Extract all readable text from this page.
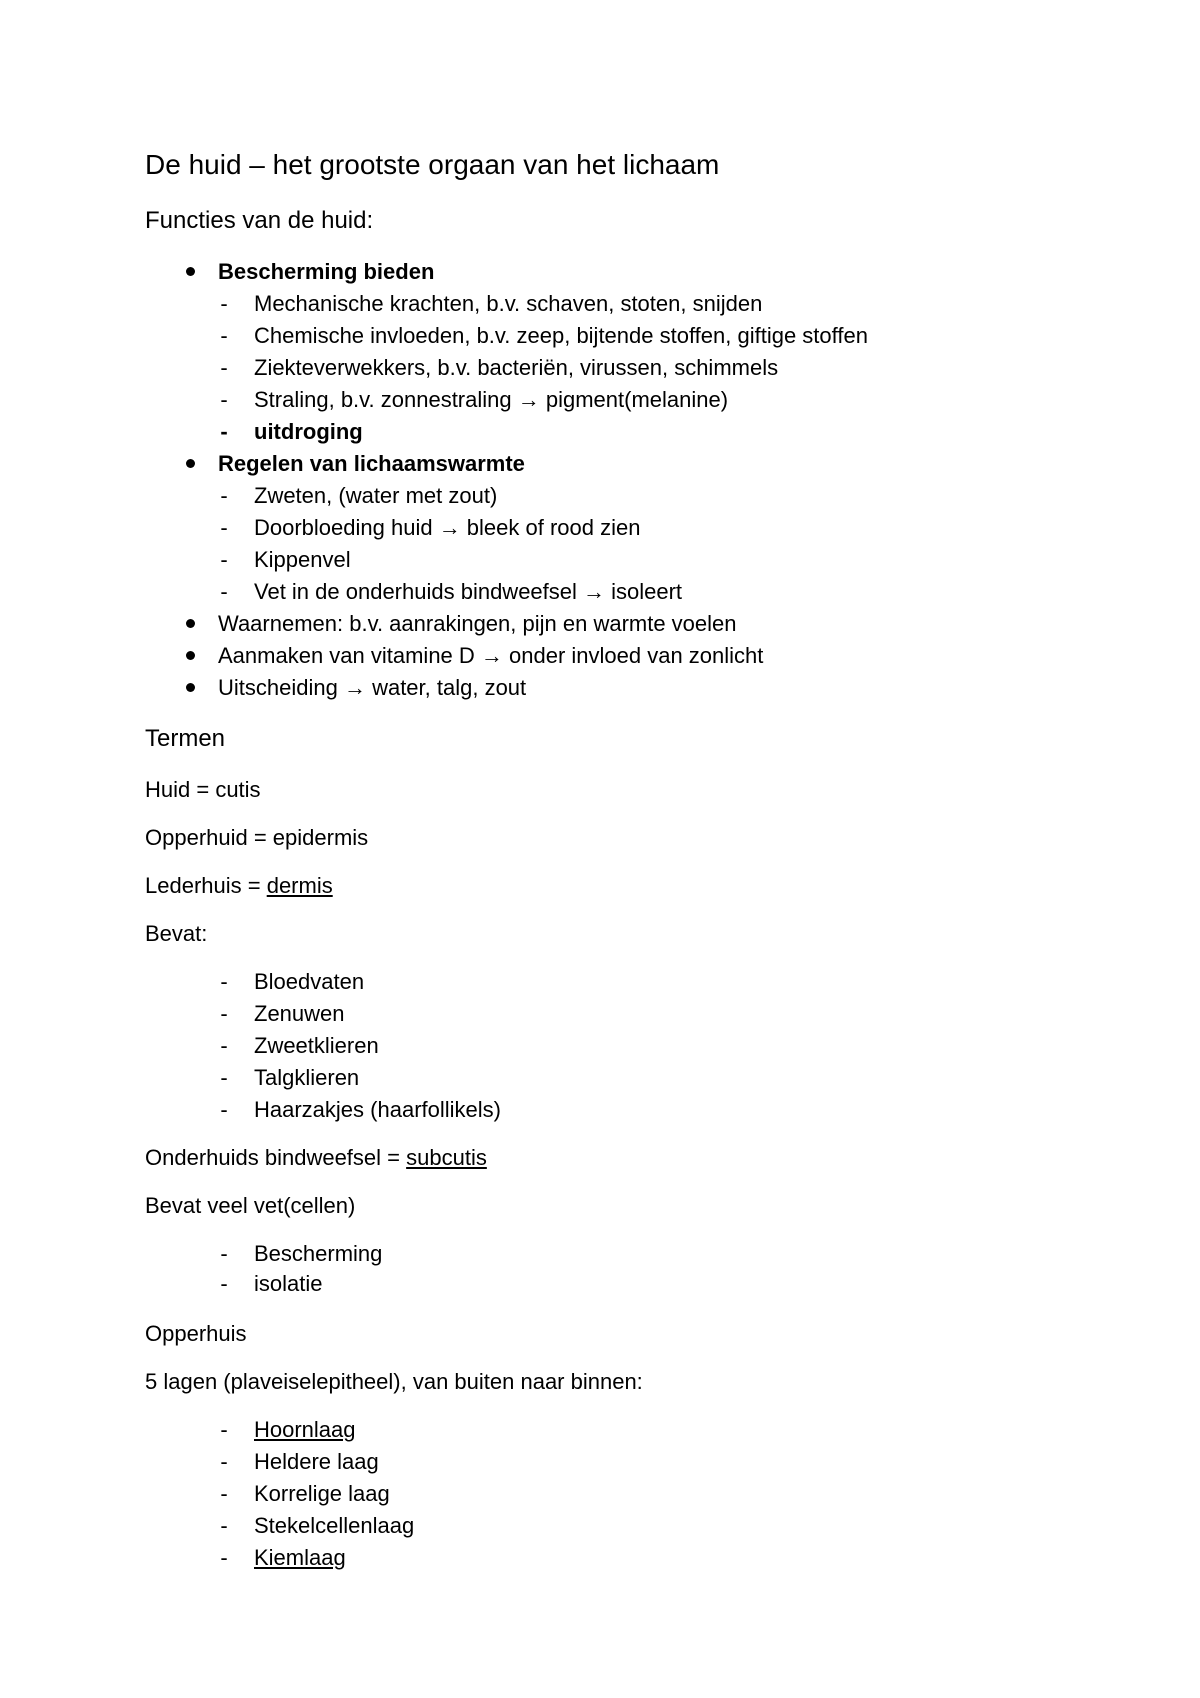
De huid – het grootste orgaan van het lichaam
Functies van de huid:
Bescherming bieden
- Mechanische krachten, b.v. schaven, stoten, snijden
- Chemische invloeden, b.v. zeep, bijtende stoffen, giftige stoffen
- Ziekteverwekkers, b.v. bacteriën, virussen, schimmels
- Straling, b.v. zonnestraling → pigment(melanine)
- uitdroging
Regelen van lichaamswarmte
- Zweten, (water met zout)
- Doorbloeding huid → bleek of rood zien
- Kippenvel
- Vet in de onderhuids bindweefsel → isoleert
Waarnemen: b.v. aanrakingen, pijn en warmte voelen
Aanmaken van vitamine D → onder invloed van zonlicht
Uitscheiding → water, talg, zout
Termen
Huid = cutis
Opperhuid = epidermis
Lederhuis = dermis
Bevat:
- Bloedvaten
- Zenuwen
- Zweetklieren
- Talgklieren
- Haarzakjes (haarfollikels)
Onderhuids bindweefsel = subcutis
Bevat veel vet(cellen)
- Bescherming
- isolatie
Opperhuis
5 lagen (plaveiselepitheel), van buiten naar binnen:
- Hoornlaag
- Heldere laag
- Korrelige laag
- Stekelcellenlaag
- Kiemlaag
